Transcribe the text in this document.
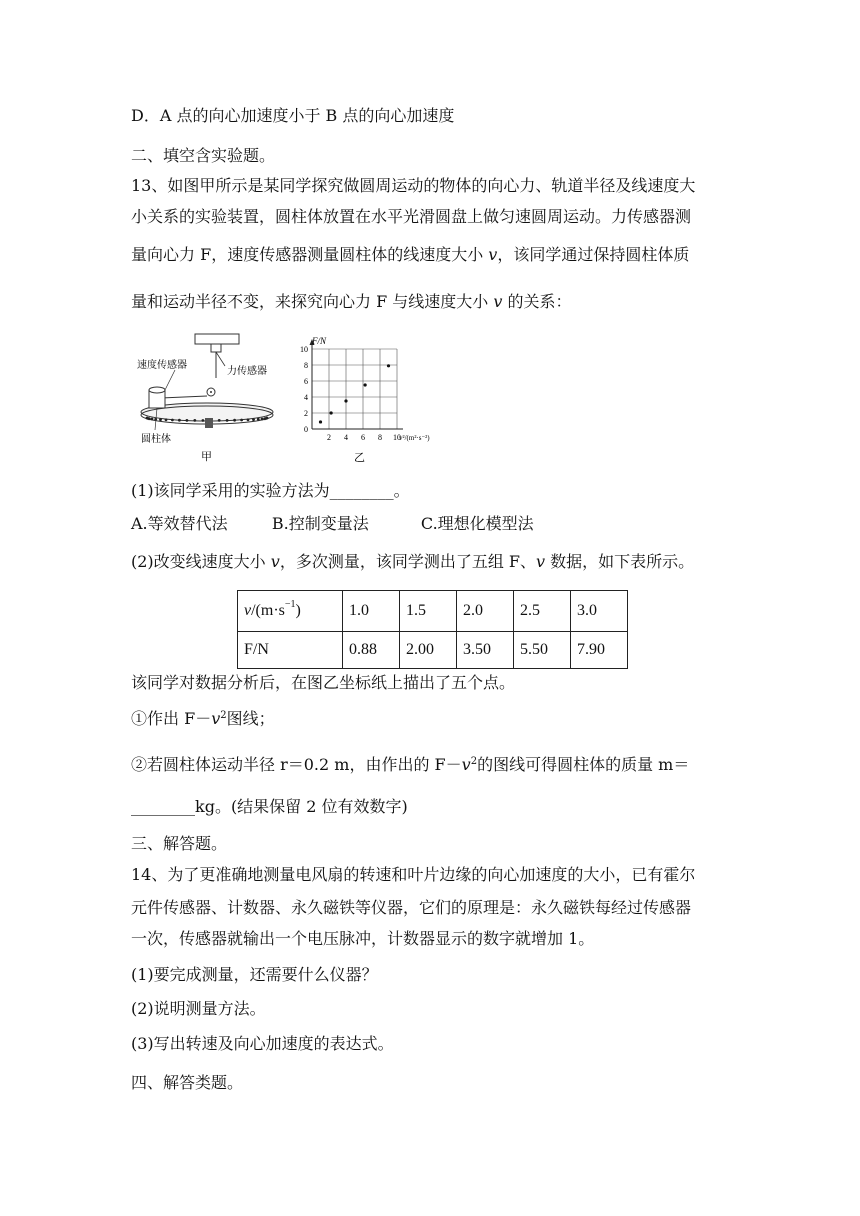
D．A 点的向心加速度小于 B 点的向心加速度
二、填空含实验题。
13、如图甲所示是某同学探究做圆周运动的物体的向心力、轨道半径及线速度大
小关系的实验装置，圆柱体放置在水平光滑圆盘上做匀速圆周运动。力传感器测
量向心力 F，速度传感器测量圆柱体的线速度大小 v，该同学通过保持圆柱体质
量和运动半径不变，来探究向心力 F 与线速度大小 v 的关系：
速度传感器
力传感器
圆柱体
甲
2 4 6 8 10
0
2
4
6
8
10
F/N
v²/(m²·s⁻²)
乙
(1)该同学采用的实验方法为________。
A.等效替代法	B.控制变量法	C.理想化模型法
(2)改变线速度大小 v，多次测量，该同学测出了五组 F、v 数据，如下表所示。
$v/(m\cdot s^{-1})$	1.0	1.5	2.0	2.5	3.0
F/N	0.88	2.00	3.50	5.50	7.90
该同学对数据分析后，在图乙坐标纸上描出了五个点。
①作出 $F-v^2$图线；
②若圆柱体运动半径 r＝0.2 m，由作出的 $F-v^2$的图线可得圆柱体的质量 m＝
________kg。(结果保留 2 位有效数字)
三、解答题。
14、为了更准确地测量电风扇的转速和叶片边缘的向心加速度的大小，已有霍尔
元件传感器、计数器、永久磁铁等仪器，它们的原理是：永久磁铁每经过传感器
一次，传感器就输出一个电压脉冲，计数器显示的数字就增加 1。
(1)要完成测量，还需要什么仪器？
(2)说明测量方法。
(3)写出转速及向心加速度的表达式。
四、解答类题。
